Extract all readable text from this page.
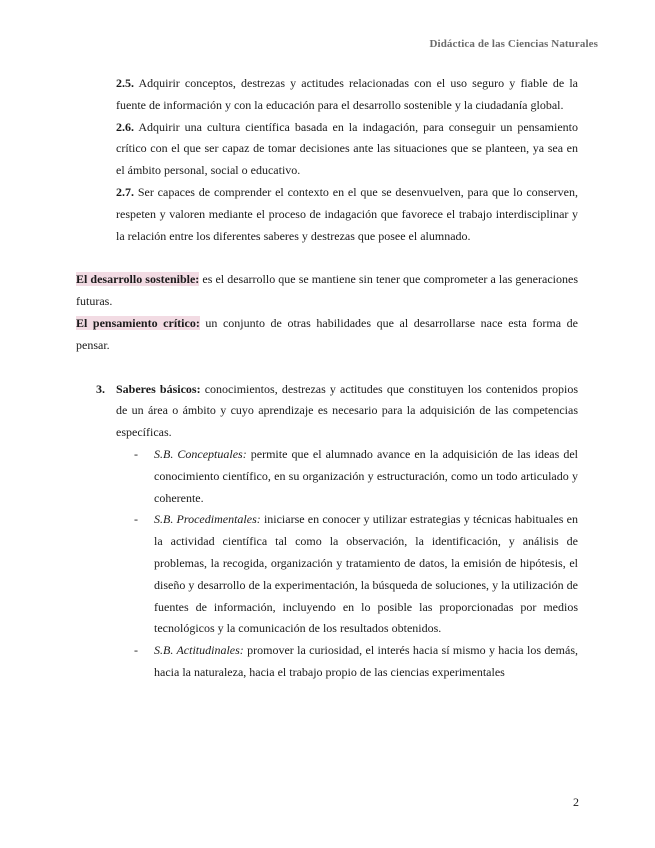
Didáctica de las Ciencias Naturales

2.5. Adquirir conceptos, destrezas y actitudes relacionadas con el uso seguro y fiable de la fuente de información y con la educación para el desarrollo sostenible y la ciudadanía global.

2.6. Adquirir una cultura científica basada en la indagación, para conseguir un pensamiento crítico con el que ser capaz de tomar decisiones ante las situaciones que se planteen, ya sea en el ámbito personal, social o educativo.

2.7. Ser capaces de comprender el contexto en el que se desenvuelven, para que lo conserven, respeten y valoren mediante el proceso de indagación que favorece el trabajo interdisciplinar y la relación entre los diferentes saberes y destrezas que posee el alumnado.

El desarrollo sostenible: es el desarrollo que se mantiene sin tener que comprometer a las generaciones futuras.

El pensamiento crítico: un conjunto de otras habilidades que al desarrollarse nace esta forma de pensar.

3. Saberes básicos: conocimientos, destrezas y actitudes que constituyen los contenidos propios de un área o ámbito y cuyo aprendizaje es necesario para la adquisición de las competencias específicas.

- S.B. Conceptuales: permite que el alumnado avance en la adquisición de las ideas del conocimiento científico, en su organización y estructuración, como un todo articulado y coherente.

- S.B. Procedimentales: iniciarse en conocer y utilizar estrategias y técnicas habituales en la actividad científica tal como la observación, la identificación, y análisis de problemas, la recogida, organización y tratamiento de datos, la emisión de hipótesis, el diseño y desarrollo de la experimentación, la búsqueda de soluciones, y la utilización de fuentes de información, incluyendo en lo posible las proporcionadas por medios tecnológicos y la comunicación de los resultados obtenidos.

- S.B. Actitudinales: promover la curiosidad, el interés hacia sí mismo y hacia los demás, hacia la naturaleza, hacia el trabajo propio de las ciencias experimentales

2
